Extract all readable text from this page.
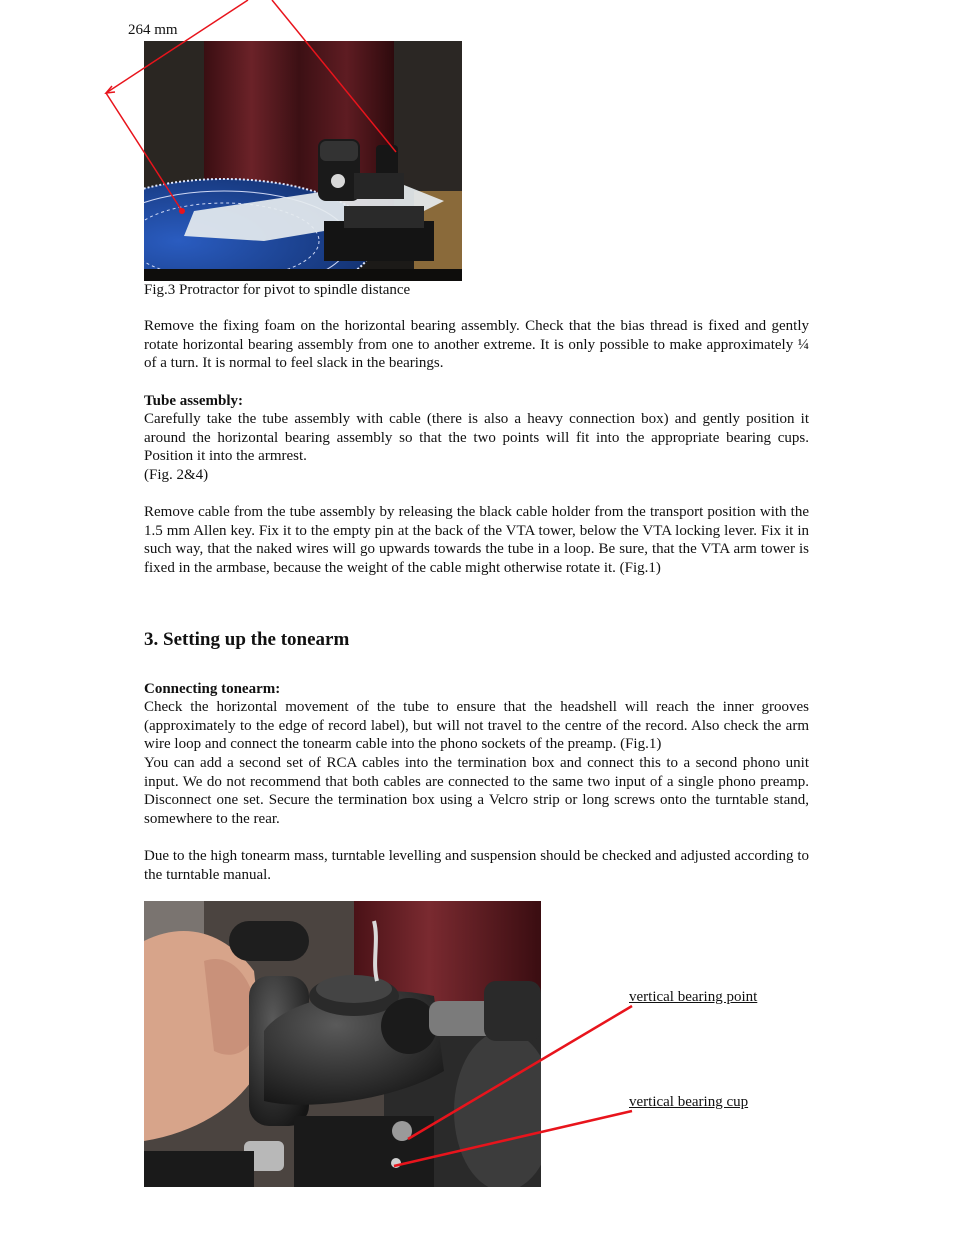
264 mm
Fig.3 Protractor for pivot to spindle distance

Remove the fixing foam on the horizontal bearing assembly. Check that the bias thread is fixed and gently rotate horizontal bearing assembly from one to another extreme. It is only possible to make approximately ¼ of a turn. It is normal to feel slack in the bearings.

Tube assembly:

Carefully take the tube assembly with cable (there is also a heavy connection box) and gently position it around the horizontal bearing assembly so that the two points will fit into the appropriate bearing cups. Position it into the armrest.

(Fig. 2&4)

Remove cable from the tube assembly by releasing the black cable holder from the transport position with the 1.5 mm Allen key. Fix it to the empty pin at the back of the VTA tower, below the VTA locking lever. Fix it in such way, that the naked wires will go upwards towards the tube in a loop. Be sure, that the VTA arm tower is fixed in the armbase, because the weight of the cable might otherwise rotate it. (Fig.1)

3. Setting up the tonearm
Connecting tonearm:

Check the horizontal movement of the tube to ensure that the headshell will reach the inner grooves (approximately to the edge of record label), but will not travel to the centre of the record. Also check the arm wire loop and connect the tonearm cable into the phono sockets of the preamp. (Fig.1)

You can add a second set of RCA cables into the termination box and connect this to a second phono unit input. We do not recommend that both cables are connected to the same two input of a single phono preamp. Disconnect one set. Secure the termination box using a Velcro strip or long screws onto the turntable stand, somewhere to the rear.

Due to the high tonearm mass, turntable levelling and suspension should be checked and adjusted according to the turntable manual.

vertical bearing point
vertical bearing cup
